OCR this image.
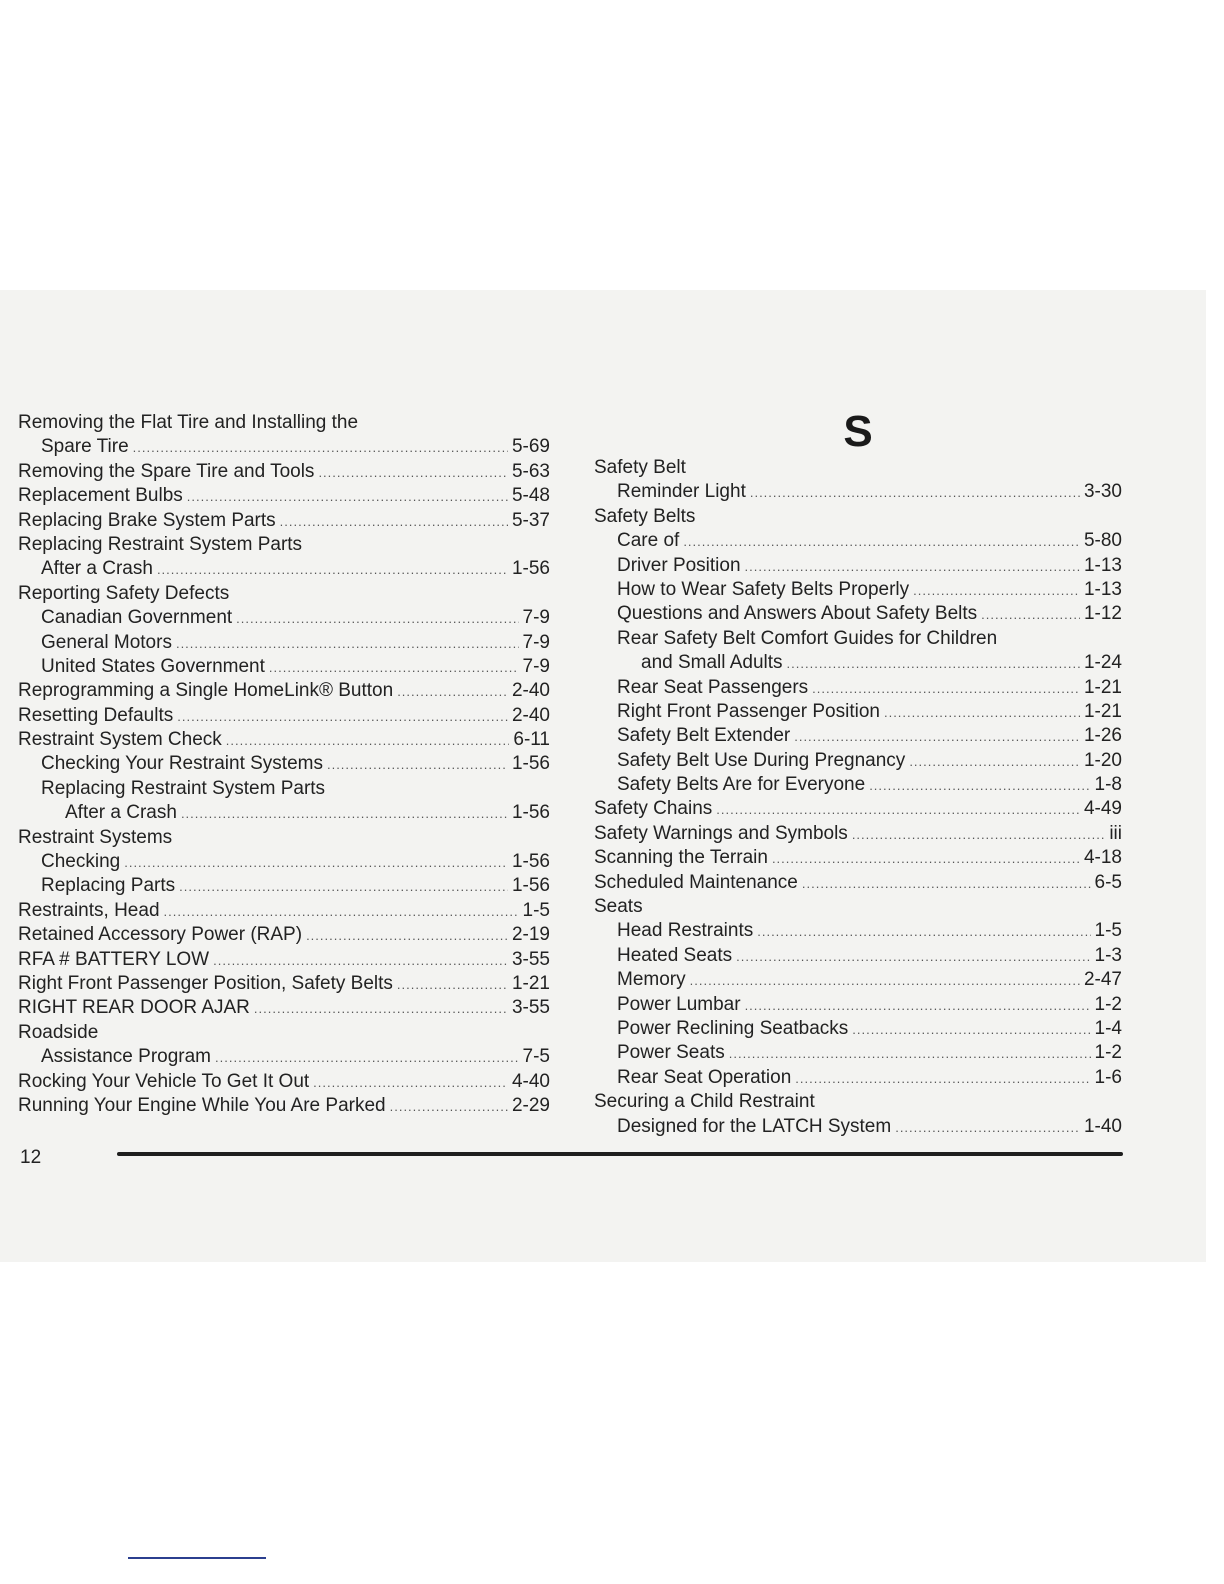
Removing the Flat Tire and Installing the
Spare Tire .....	5-69
Removing the Spare Tire and Tools .....	5-63
Replacement Bulbs .....	5-48
Replacing Brake System Parts .....	5-37
Replacing Restraint System Parts
After a Crash .....	1-56
Reporting Safety Defects
Canadian Government .....	7-9
General Motors .....	7-9
United States Government .....	7-9
Reprogramming a Single HomeLink® Button .....	2-40
Resetting Defaults .....	2-40
Restraint System Check .....	6-11
Checking Your Restraint Systems .....	1-56
Replacing Restraint System Parts
After a Crash .....	1-56
Restraint Systems
Checking .....	1-56
Replacing Parts .....	1-56
Restraints, Head .....	1-5
Retained Accessory Power (RAP) .....	2-19
RFA # BATTERY LOW .....	3-55
Right Front Passenger Position, Safety Belts .....	1-21
RIGHT REAR DOOR AJAR .....	3-55
Roadside
Assistance Program .....	7-5
Rocking Your Vehicle To Get It Out .....	4-40
Running Your Engine While You Are Parked .....	2-29
S
Safety Belt
Reminder Light .....	3-30
Safety Belts
Care of .....	5-80
Driver Position .....	1-13
How to Wear Safety Belts Properly .....	1-13
Questions and Answers About Safety Belts .....	1-12
Rear Safety Belt Comfort Guides for Children
and Small Adults .....	1-24
Rear Seat Passengers .....	1-21
Right Front Passenger Position .....	1-21
Safety Belt Extender .....	1-26
Safety Belt Use During Pregnancy .....	1-20
Safety Belts Are for Everyone .....	1-8
Safety Chains .....	4-49
Safety Warnings and Symbols .....	iii
Scanning the Terrain .....	4-18
Scheduled Maintenance .....	6-5
Seats
Head Restraints .....	1-5
Heated Seats .....	1-3
Memory .....	2-47
Power Lumbar .....	1-2
Power Reclining Seatbacks .....	1-4
Power Seats .....	1-2
Rear Seat Operation .....	1-6
Securing a Child Restraint
Designed for the LATCH System .....	1-40
12
